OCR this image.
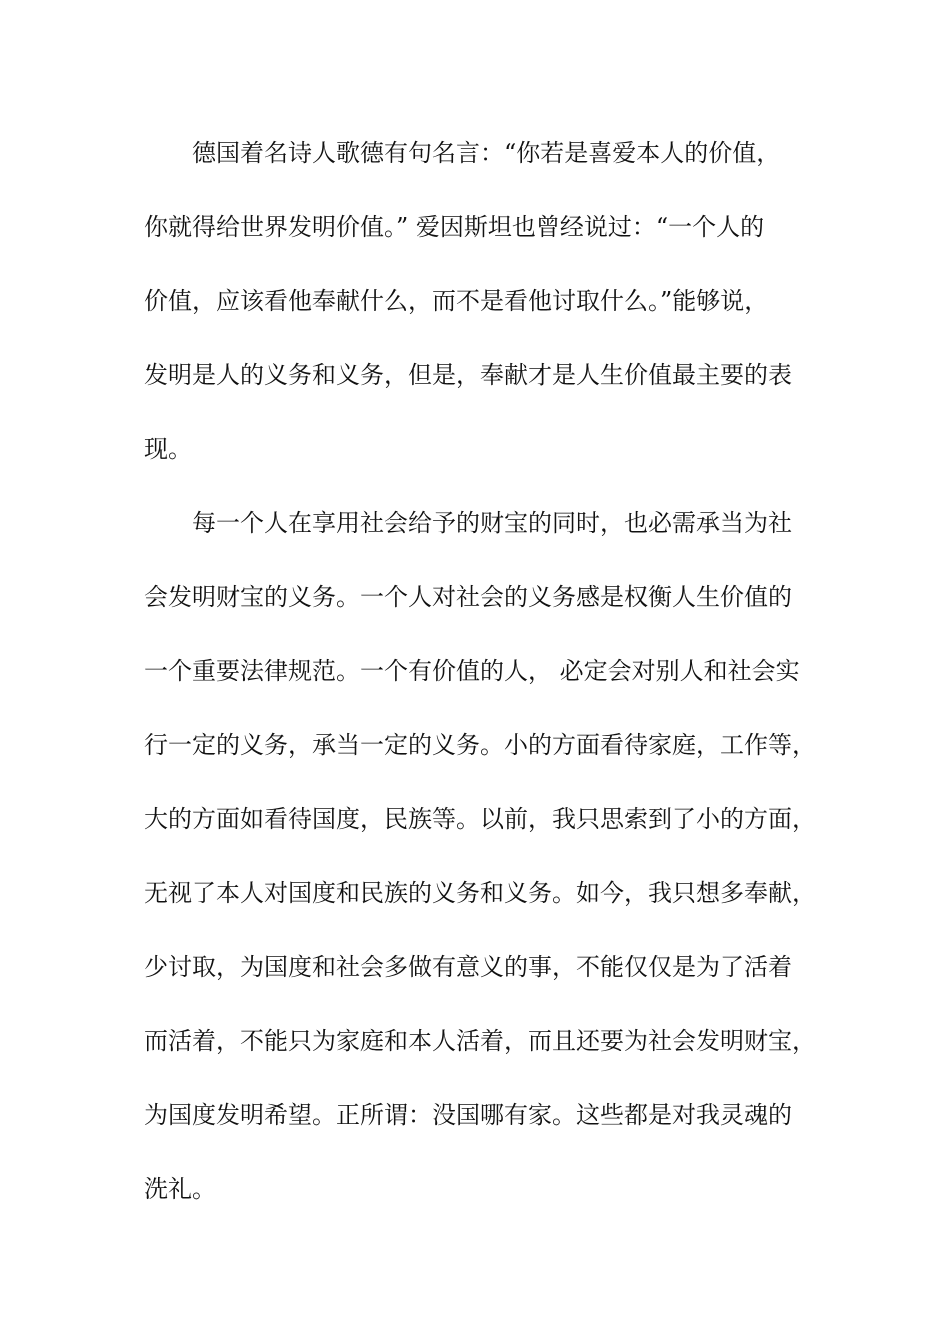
德国着名诗人歌德有句名言：“你若是喜爱本人的价值，
你就得给世界发明价值。” 爱因斯坦也曾经说过：“一个人的
价值，应该看他奉献什么，而不是看他讨取什么。”能够说，
发明是人的义务和义务，但是，奉献才是人生价值最主要的表
现。

每一个人在享用社会给予的财宝的同时，也必需承当为社
会发明财宝的义务。一个人对社会的义务感是权衡人生价值的
一个重要法律规范。一个有价值的人， 必定会对别人和社会实
行一定的义务，承当一定的义务。小的方面看待家庭，工作等，
大的方面如看待国度，民族等。以前，我只思索到了小的方面，
无视了本人对国度和民族的义务和义务。如今，我只想多奉献，
少讨取，为国度和社会多做有意义的事，不能仅仅是为了活着
而活着，不能只为家庭和本人活着，而且还要为社会发明财宝，
为国度发明希望。正所谓：没国哪有家。这些都是对我灵魂的
洗礼。
